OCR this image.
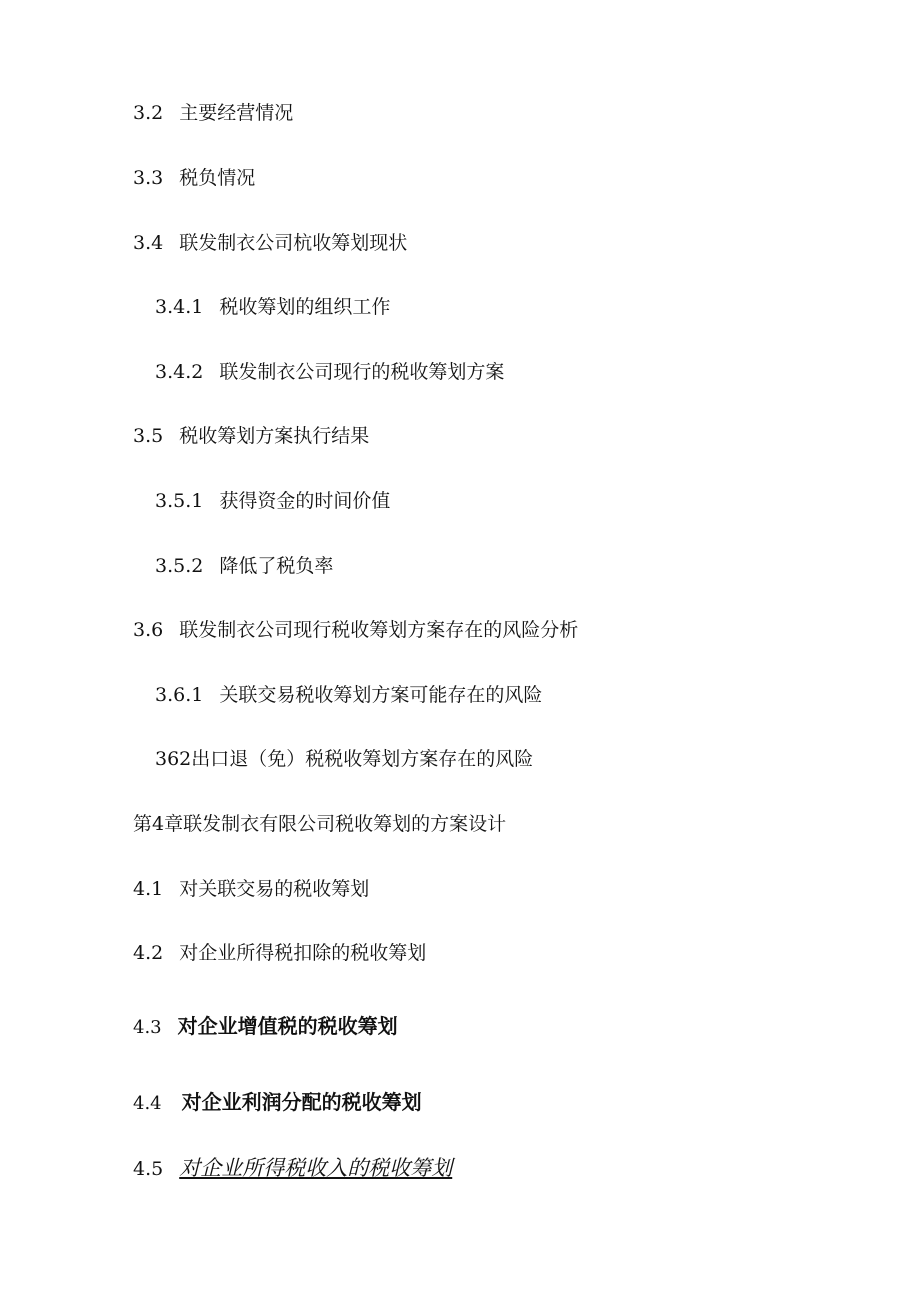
3.2 主要经营情况
3.3 税负情况
3.4 联发制衣公司杭收筹划现状
3.4.1 税收筹划的组织工作
3.4.2 联发制衣公司现行的税收筹划方案
3.5 税收筹划方案执行结果
3.5.1 获得资金的时间价值
3.5.2 降低了税负率
3.6 联发制衣公司现行税收筹划方案存在的风险分析
3.6.1 关联交易税收筹划方案可能存在的风险
362出口退（免）税税收筹划方案存在的风险
第4章联发制衣有限公司税收筹划的方案设计
4.1 对关联交易的税收筹划
4.2 对企业所得税扣除的税收筹划
4.3 对企业增值税的税收筹划
4.4 对企业利润分配的税收筹划
4.5 对企业所得税收入的税收筹划
